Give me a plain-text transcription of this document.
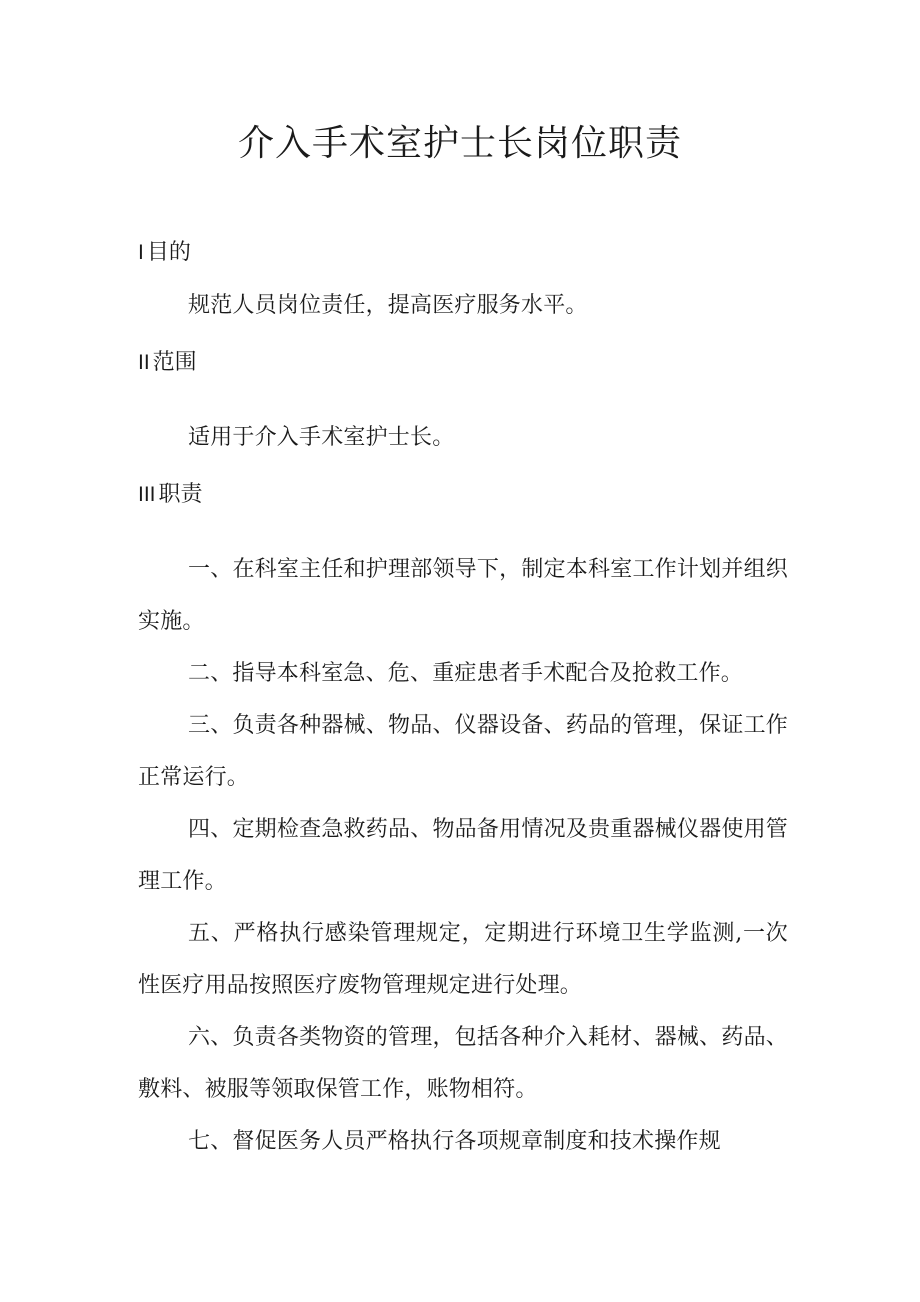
介入手术室护士长岗位职责
I 目的

规范人员岗位责任，提高医疗服务水平。

II 范围

适用于介入手术室护士长。

III 职责

一、在科室主任和护理部领导下，制定本科室工作计划并组织实施。

二、指导本科室急、危、重症患者手术配合及抢救工作。

三、负责各种器械、物品、仪器设备、药品的管理，保证工作正常运行。

四、定期检查急救药品、物品备用情况及贵重器械仪器使用管理工作。

五、严格执行感染管理规定，定期进行环境卫生学监测,一次性医疗用品按照医疗废物管理规定进行处理。

六、负责各类物资的管理，包括各种介入耗材、器械、药品、敷料、被服等领取保管工作，账物相符。

七、督促医务人员严格执行各项规章制度和技术操作规
